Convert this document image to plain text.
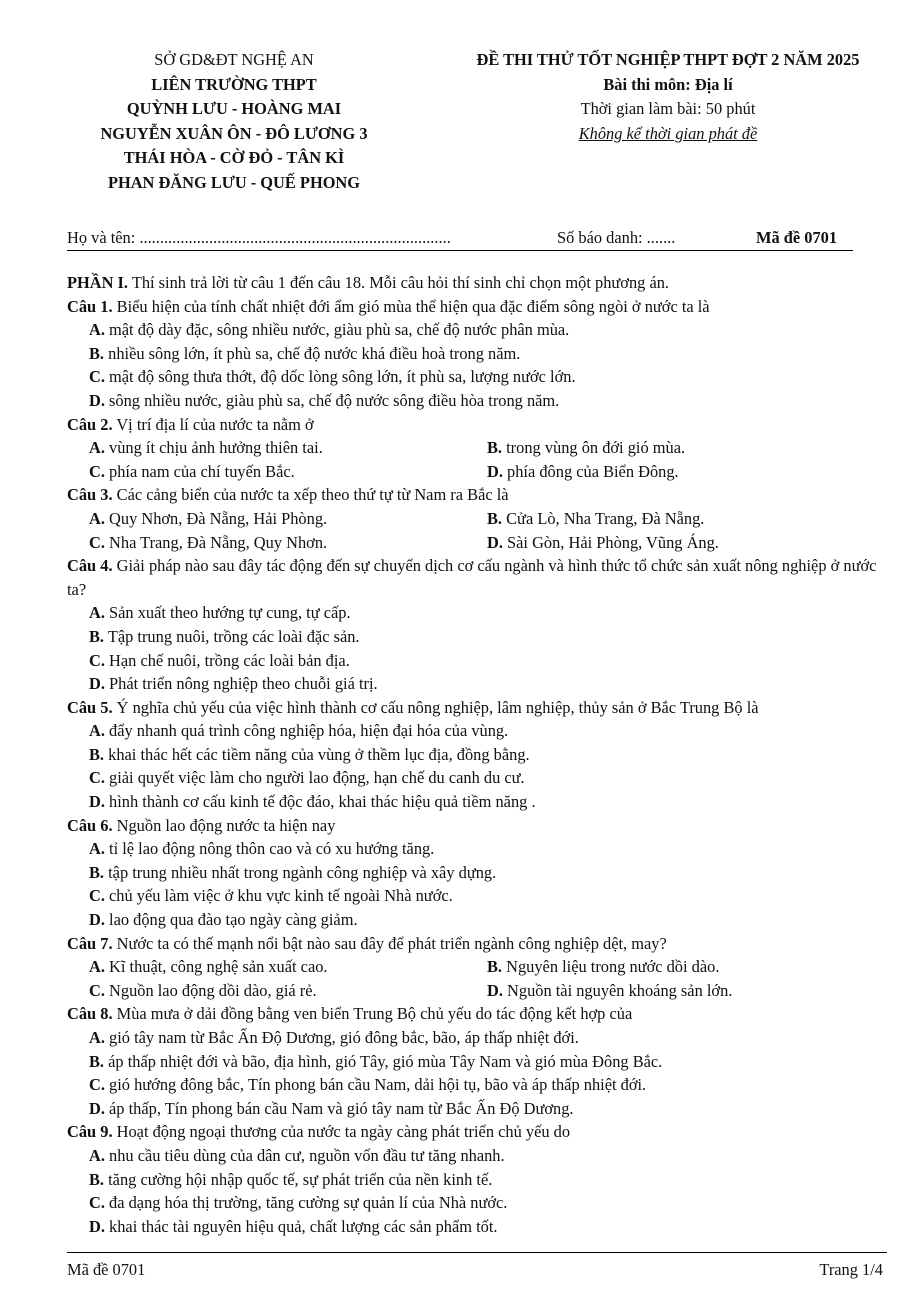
SỞ GD&ĐT NGHỆ AN
LIÊN TRƯỜNG THPT
QUỲNH LƯU - HOÀNG MAI
NGUYỄN XUÂN ÔN - ĐÔ LƯƠNG 3
THÁI HÒA - CỜ ĐỎ - TÂN KÌ
PHAN ĐĂNG LƯU - QUẾ PHONG
ĐỀ THI THỬ TỐT NGHIỆP THPT ĐỢT 2 NĂM 2025
Bài thi môn: Địa lí
Thời gian làm bài: 50 phút
Không kể thời gian phát đề
Họ và tên: ............................................................................	Số báo danh: .......	Mã đề 0701
PHẦN I. Thí sinh trả lời từ câu 1 đến câu 18. Mỗi câu hỏi thí sinh chỉ chọn một phương án.
Câu 1. Biểu hiện của tính chất nhiệt đới ẩm gió mùa thể hiện qua đặc điểm sông ngòi ở nước ta là
A. mật độ dày đặc, sông nhiều nước, giàu phù sa, chế độ nước phân mùa.
B. nhiều sông lớn, ít phù sa, chế độ nước khá điều hoà trong năm.
C. mật độ sông thưa thớt, độ dốc lòng sông lớn, ít phù sa, lượng nước lớn.
D. sông nhiều nước, giàu phù sa, chế độ nước sông điều hòa trong năm.
Câu 2. Vị trí địa lí của nước ta nằm ở
A. vùng ít chịu ảnh hưởng thiên tai.	B. trong vùng ôn đới gió mùa.
C. phía nam của chí tuyến Bắc.	D. phía đông của Biển Đông.
Câu 3. Các cảng biển của nước ta xếp theo thứ tự từ Nam ra Bắc là
A. Quy Nhơn, Đà Nẵng, Hải Phòng.	B. Cửa Lò, Nha Trang, Đà Nẵng.
C. Nha Trang, Đà Nẵng, Quy Nhơn.	D. Sài Gòn, Hải Phòng, Vũng Áng.
Câu 4. Giải pháp nào sau đây tác động đến sự chuyển dịch cơ cấu ngành và hình thức tổ chức sản xuất nông nghiệp ở nước ta?
A. Sản xuất theo hướng tự cung, tự cấp.
B. Tập trung nuôi, trồng các loài đặc sản.
C. Hạn chế nuôi, trồng các loài bản địa.
D. Phát triển nông nghiệp theo chuỗi giá trị.
Câu 5. Ý nghĩa chủ yếu của việc hình thành cơ cấu nông nghiệp, lâm nghiệp, thủy sản ở Bắc Trung Bộ là
A. đẩy nhanh quá trình công nghiệp hóa, hiện đại hóa của vùng.
B. khai thác hết các tiềm năng của vùng ở thềm lục địa, đồng bằng.
C. giải quyết việc làm cho người lao động, hạn chế du canh du cư.
D. hình thành cơ cấu kinh tế độc đáo, khai thác hiệu quả tiềm năng .
Câu 6. Nguồn lao động nước ta hiện nay
A. tỉ lệ lao động nông thôn cao và có xu hướng tăng.
B. tập trung nhiều nhất trong ngành công nghiệp và xây dựng.
C. chủ yếu làm việc ở khu vực kinh tế ngoài Nhà nước.
D. lao động qua đào tạo ngày càng giảm.
Câu 7. Nước ta có thế mạnh nổi bật nào sau đây để phát triển ngành công nghiệp dệt, may?
A. Kĩ thuật, công nghệ sản xuất cao.	B. Nguyên liệu trong nước dồi dào.
C. Nguồn lao động dồi dào, giá rẻ.	D. Nguồn tài nguyên khoáng sản lớn.
Câu 8. Mùa mưa ở dải đồng bằng ven biển Trung Bộ chủ yếu do tác động kết hợp của
A. gió tây nam từ Bắc Ấn Độ Dương, gió đông bắc, bão, áp thấp nhiệt đới.
B. áp thấp nhiệt đới và bão, địa hình, gió Tây, gió mùa Tây Nam và gió mùa Đông Bắc.
C. gió hướng đông bắc, Tín phong bán cầu Nam, dải hội tụ, bão và áp thấp nhiệt đới.
D. áp thấp, Tín phong bán cầu Nam và gió tây nam từ Bắc Ấn Độ Dương.
Câu 9. Hoạt động ngoại thương của nước ta ngày càng phát triển chủ yếu do
A. nhu cầu tiêu dùng của dân cư, nguồn vốn đầu tư tăng nhanh.
B. tăng cường hội nhập quốc tế, sự phát triển của nền kinh tế.
C. đa dạng hóa thị trường, tăng cường sự quản lí của Nhà nước.
D. khai thác tài nguyên hiệu quả, chất lượng các sản phẩm tốt.
Mã đề 0701	Trang 1/4
